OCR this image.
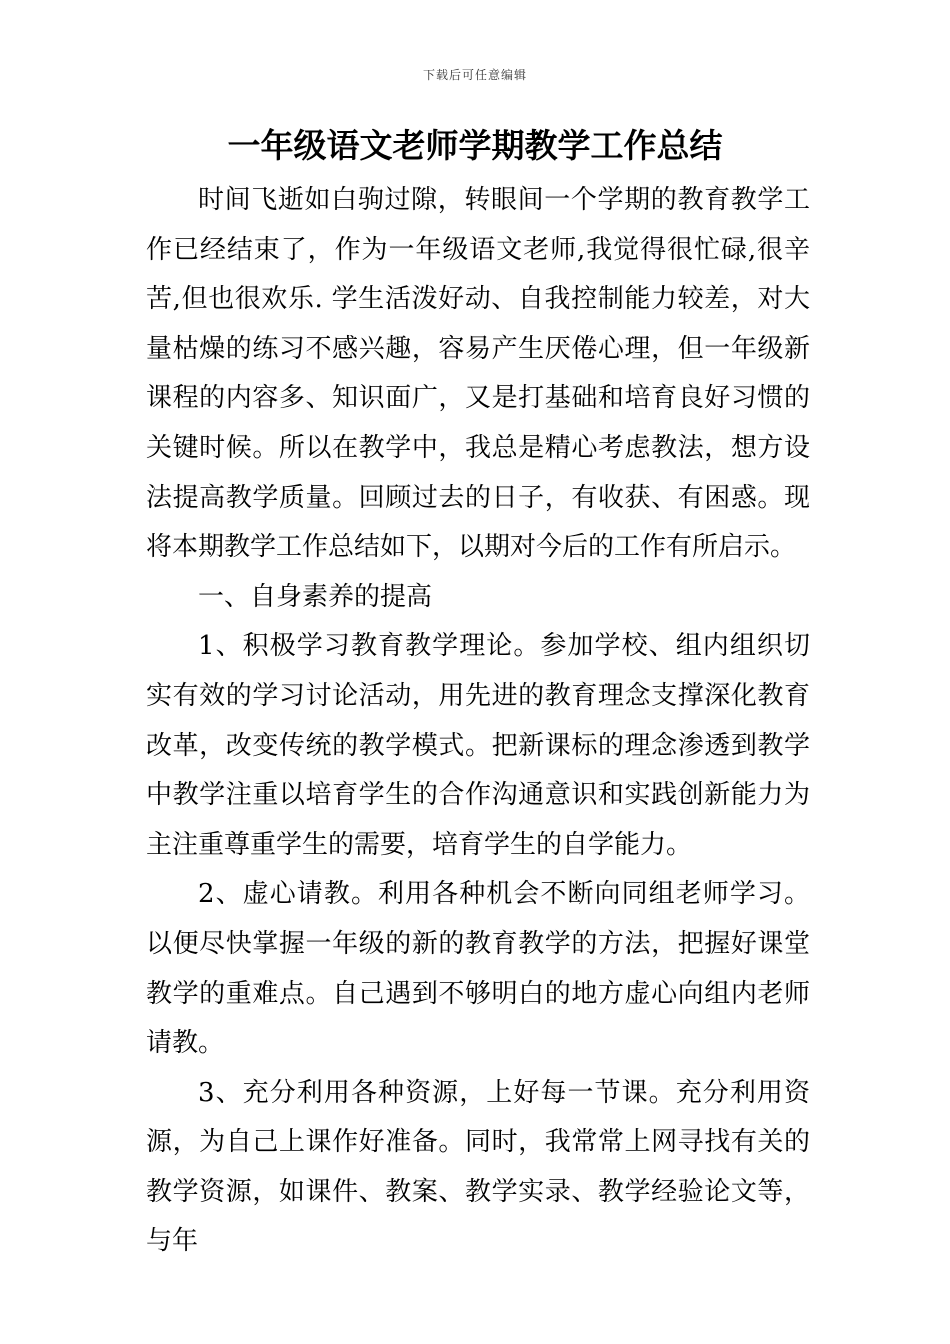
下载后可任意编辑
一年级语文老师学期教学工作总结

时间飞逝如白驹过隙，转眼间一个学期的教育教学工作已经结束了，作为一年级语文老师,我觉得很忙碌,很辛苦,但也很欢乐. 学生活泼好动、自我控制能力较差，对大量枯燥的练习不感兴趣，容易产生厌倦心理，但一年级新课程的内容多、知识面广，又是打基础和培育良好习惯的关键时候。所以在教学中，我总是精心考虑教法，想方设法提高教学质量。回顾过去的日子，有收获、有困惑。现将本期教学工作总结如下，以期对今后的工作有所启示。

一、自身素养的提高

1、积极学习教育教学理论。参加学校、组内组织切实有效的学习讨论活动，用先进的教育理念支撑深化教育改革，改变传统的教学模式。把新课标的理念渗透到教学中教学注重以培育学生的合作沟通意识和实践创新能力为主注重尊重学生的需要，培育学生的自学能力。

2、虚心请教。利用各种机会不断向同组老师学习。以便尽快掌握一年级的新的教育教学的方法，把握好课堂教学的重难点。自己遇到不够明白的地方虚心向组内老师请教。

3、充分利用各种资源，上好每一节课。充分利用资源，为自己上课作好准备。同时，我常常上网寻找有关的教学资源，如课件、教案、教学实录、教学经验论文等，与年
